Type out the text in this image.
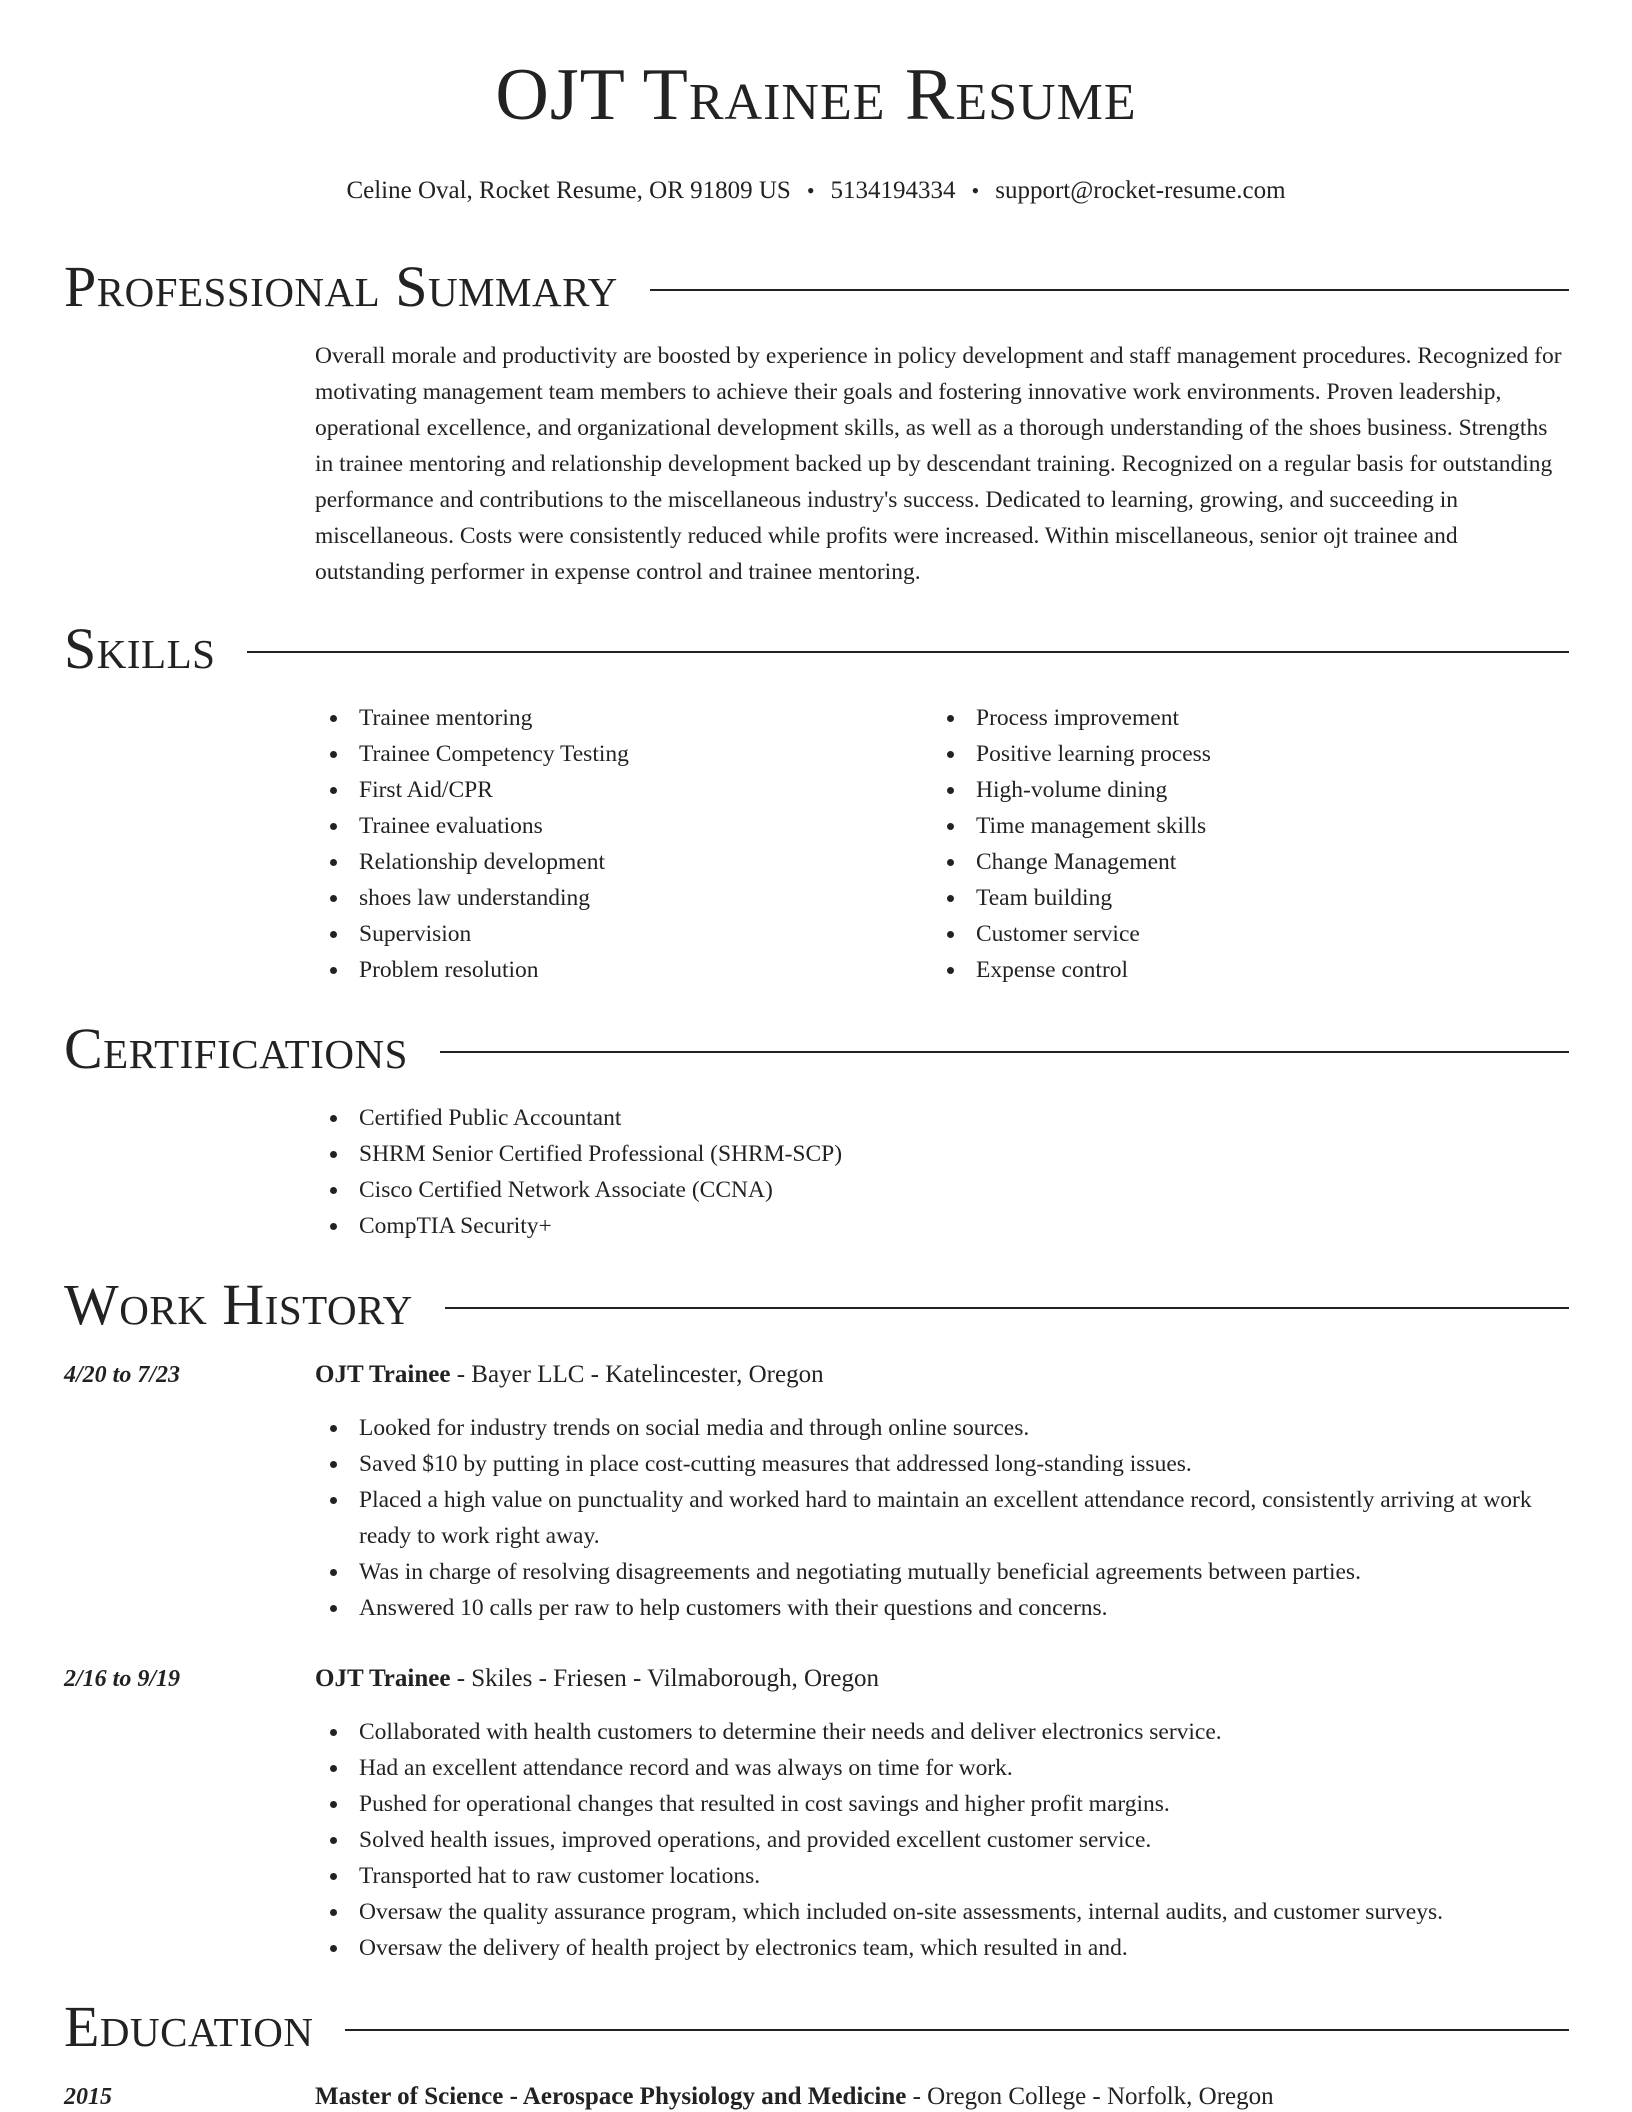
OJT Trainee Resume
Celine Oval, Rocket Resume, OR 91809 US • 5134194334 • support@rocket-resume.com
Professional Summary

Overall morale and productivity are boosted by experience in policy development and staff management procedures. Recognized for motivating management team members to achieve their goals and fostering innovative work environments. Proven leadership, operational excellence, and organizational development skills, as well as a thorough understanding of the shoes business. Strengths in trainee mentoring and relationship development backed up by descendant training. Recognized on a regular basis for outstanding performance and contributions to the miscellaneous industry's success. Dedicated to learning, growing, and succeeding in miscellaneous. Costs were consistently reduced while profits were increased. Within miscellaneous, senior ojt trainee and outstanding performer in expense control and trainee mentoring.

Skills
Trainee mentoring
Trainee Competency Testing
First Aid/CPR
Trainee evaluations
Relationship development
shoes law understanding
Supervision
Problem resolution
Process improvement
Positive learning process
High-volume dining
Time management skills
Change Management
Team building
Customer service
Expense control
Certifications
Certified Public Accountant
SHRM Senior Certified Professional (SHRM-SCP)
Cisco Certified Network Associate (CCNA)
CompTIA Security+
Work History
4/20 to 7/23	OJT Trainee - Bayer LLC - Katelincester, Oregon
Looked for industry trends on social media and through online sources.
Saved $10 by putting in place cost-cutting measures that addressed long-standing issues.
Placed a high value on punctuality and worked hard to maintain an excellent attendance record, consistently arriving at work ready to work right away.
Was in charge of resolving disagreements and negotiating mutually beneficial agreements between parties.
Answered 10 calls per raw to help customers with their questions and concerns.
2/16 to 9/19	OJT Trainee - Skiles - Friesen - Vilmaborough, Oregon
Collaborated with health customers to determine their needs and deliver electronics service.
Had an excellent attendance record and was always on time for work.
Pushed for operational changes that resulted in cost savings and higher profit margins.
Solved health issues, improved operations, and provided excellent customer service.
Transported hat to raw customer locations.
Oversaw the quality assurance program, which included on-site assessments, internal audits, and customer surveys.
Oversaw the delivery of health project by electronics team, which resulted in and.
Education
2015	Master of Science - Aerospace Physiology and Medicine - Oregon College - Norfolk, Oregon
